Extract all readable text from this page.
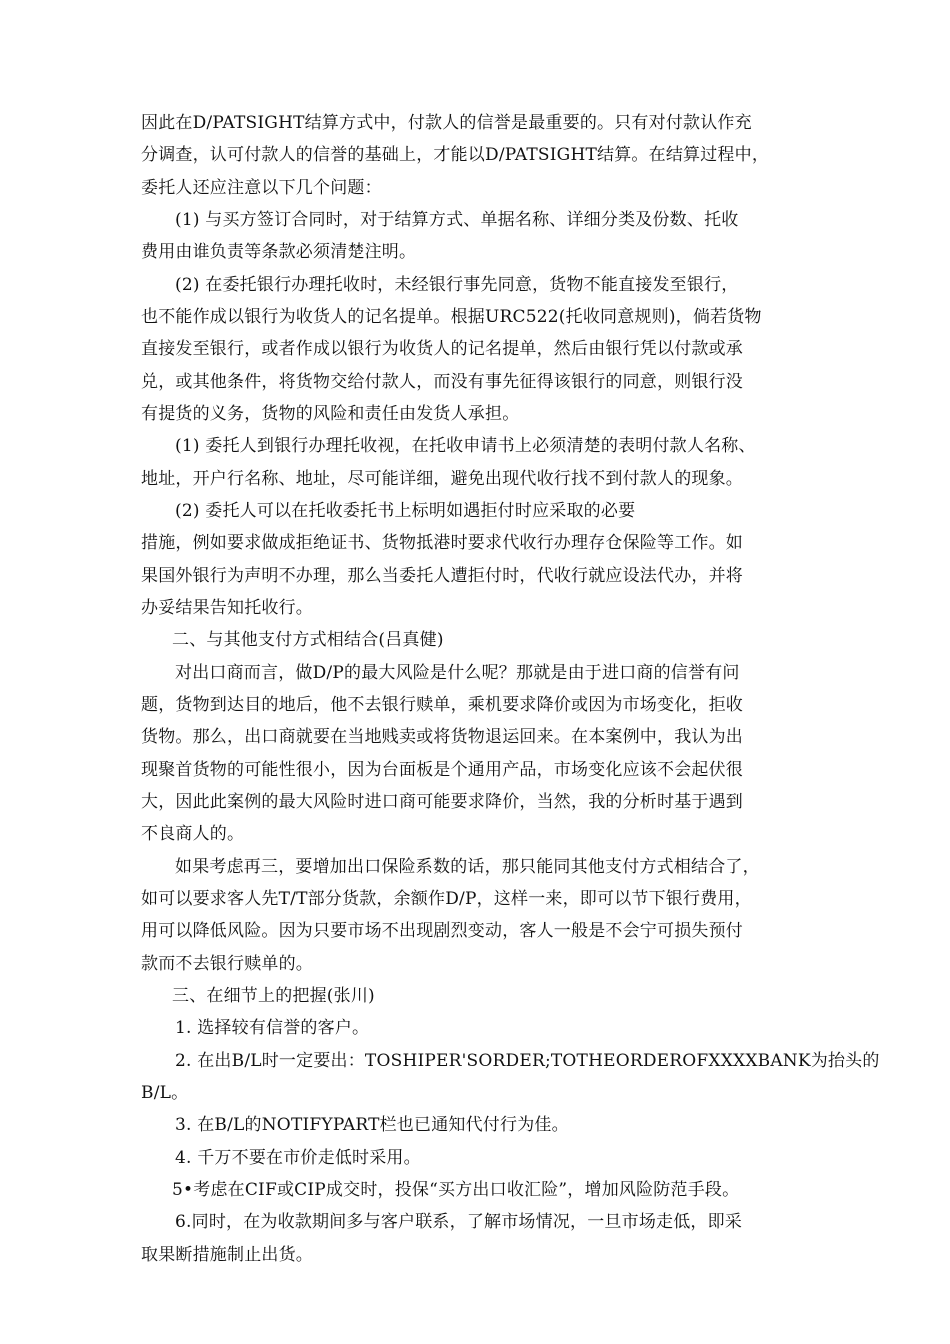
因此在D/PATSIGHT结算方式中，付款人的信誉是最重要的。只有对付款认作充
分调查，认可付款人的信誉的基础上，才能以D/PATSIGHT结算。在结算过程中，
委托人还应注意以下几个问题：
(1) 与买方签订合同时，对于结算方式、单据名称、详细分类及份数、托收
费用由谁负责等条款必须清楚注明。
(2) 在委托银行办理托收时，未经银行事先同意，货物不能直接发至银行，
也不能作成以银行为收货人的记名提单。根据URC522(托收同意规则)，倘若货物
直接发至银行，或者作成以银行为收货人的记名提单，然后由银行凭以付款或承
兑，或其他条件，将货物交给付款人，而没有事先征得该银行的同意，则银行没
有提货的义务，货物的风险和责任由发货人承担。
(1) 委托人到银行办理托收视，在托收申请书上必须清楚的表明付款人名称、
地址，开户行名称、地址，尽可能详细，避免出现代收行找不到付款人的现象。
(2) 委托人可以在托收委托书上标明如遇拒付时应采取的必要
措施，例如要求做成拒绝证书、货物抵港时要求代收行办理存仓保险等工作。如
果国外银行为声明不办理，那么当委托人遭拒付时，代收行就应设法代办，并将
办妥结果告知托收行。
二、与其他支付方式相结合(吕真健)
对出口商而言，做D/P的最大风险是什么呢？那就是由于进口商的信誉有问
题，货物到达目的地后，他不去银行赎单，乘机要求降价或因为市场变化，拒收
货物。那么，出口商就要在当地贱卖或将货物退运回来。在本案例中，我认为出
现聚首货物的可能性很小，因为台面板是个通用产品，市场变化应该不会起伏很
大，因此此案例的最大风险时进口商可能要求降价，当然，我的分析时基于遇到
不良商人的。
如果考虑再三，要增加出口保险系数的话，那只能同其他支付方式相结合了，
如可以要求客人先T/T部分货款，余额作D/P，这样一来，即可以节下银行费用，
用可以降低风险。因为只要市场不出现剧烈变动，客人一般是不会宁可损失预付
款而不去银行赎单的。
三、在细节上的把握(张川)
1. 选择较有信誉的客户。
2. 在出B/L时一定要出：TOSHIPER'SORDER;TOTHEORDEROFXXXXBANK为抬头的
B/L。
3. 在B/L的NOTIFYPART栏也已通知代付行为佳。
4. 千万不要在市价走低时采用。
5•考虑在CIF或CIP成交时，投保“买方出口收汇险”，增加风险防范手段。
6.同时，在为收款期间多与客户联系，了解市场情况，一旦市场走低，即采
取果断措施制止出货。
